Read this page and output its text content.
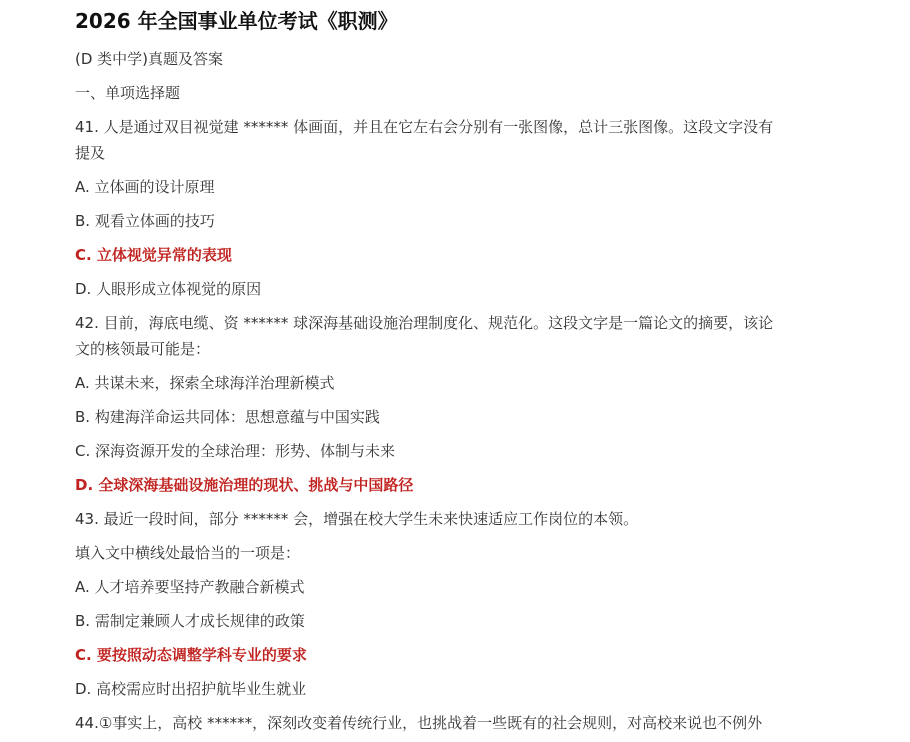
2026 年全国事业单位考试《职测》

(D 类中学)真题及答案

一、单项选择题

41. 人是通过双目视觉建 ****** 体画面，并且在它左右会分别有一张图像，总计三张图像。这段文字没有

提及

A. 立体画的设计原理

B. 观看立体画的技巧

C. 立体视觉异常的表现

D. 人眼形成立体视觉的原因

42. 目前，海底电缆、资 ****** 球深海基础设施治理制度化、规范化。这段文字是一篇论文的摘要，该论

文的核领最可能是：

A. 共谋未来，探索全球海洋治理新模式

B. 构建海洋命运共同体：思想意蕴与中国实践

C. 深海资源开发的全球治理：形势、体制与未来

D. 全球深海基础设施治理的现状、挑战与中国路径

43. 最近一段时间，部分 ****** 会，增强在校大学生未来快速适应工作岗位的本领。

填入文中横线处最恰当的一项是：

A. 人才培养要坚持产教融合新模式

B. 需制定兼顾人才成长规律的政策

C. 要按照动态调整学科专业的要求

D. 高校需应时出招护航毕业生就业

44.①事实上，高校 ******，深刻改变着传统行业，也挑战着一些既有的社会规则，对高校来说也不例外
